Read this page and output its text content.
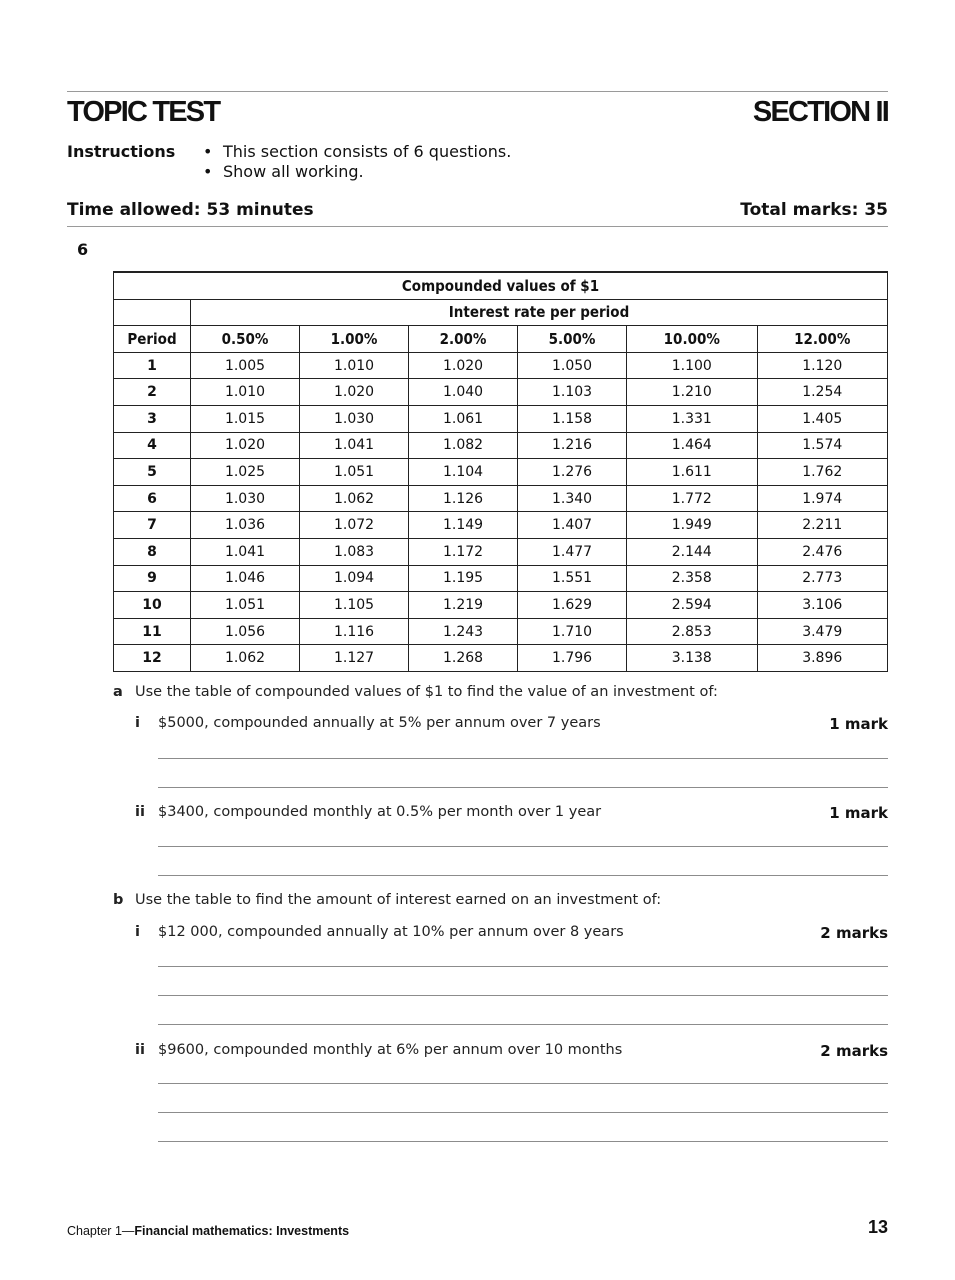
TOPIC TEST	SECTION II
Instructions	• This section consists of 6 questions.
• Show all working.
Time allowed: 53 minutes	Total marks: 35
6
Compounded values of $1						
	Interest rate per period					
Period	0.50%	1.00%	2.00%	5.00%	10.00%	12.00%
1	1.005	1.010	1.020	1.050	1.100	1.120
2	1.010	1.020	1.040	1.103	1.210	1.254
3	1.015	1.030	1.061	1.158	1.331	1.405
4	1.020	1.041	1.082	1.216	1.464	1.574
5	1.025	1.051	1.104	1.276	1.611	1.762
6	1.030	1.062	1.126	1.340	1.772	1.974
7	1.036	1.072	1.149	1.407	1.949	2.211
8	1.041	1.083	1.172	1.477	2.144	2.476
9	1.046	1.094	1.195	1.551	2.358	2.773
10	1.051	1.105	1.219	1.629	2.594	3.106
11	1.056	1.116	1.243	1.710	2.853	3.479
12	1.062	1.127	1.268	1.796	3.138	3.896
a Use the table of compounded values of $1 to find the value of an investment of:
i $5000, compounded annually at 5% per annum over 7 years	1 mark
ii $3400, compounded monthly at 0.5% per month over 1 year	1 mark
b Use the table to find the amount of interest earned on an investment of:
i $12 000, compounded annually at 10% per annum over 8 years	2 marks
ii $9600, compounded monthly at 6% per annum over 10 months	2 marks
Chapter 1—Financial mathematics: Investments	13
